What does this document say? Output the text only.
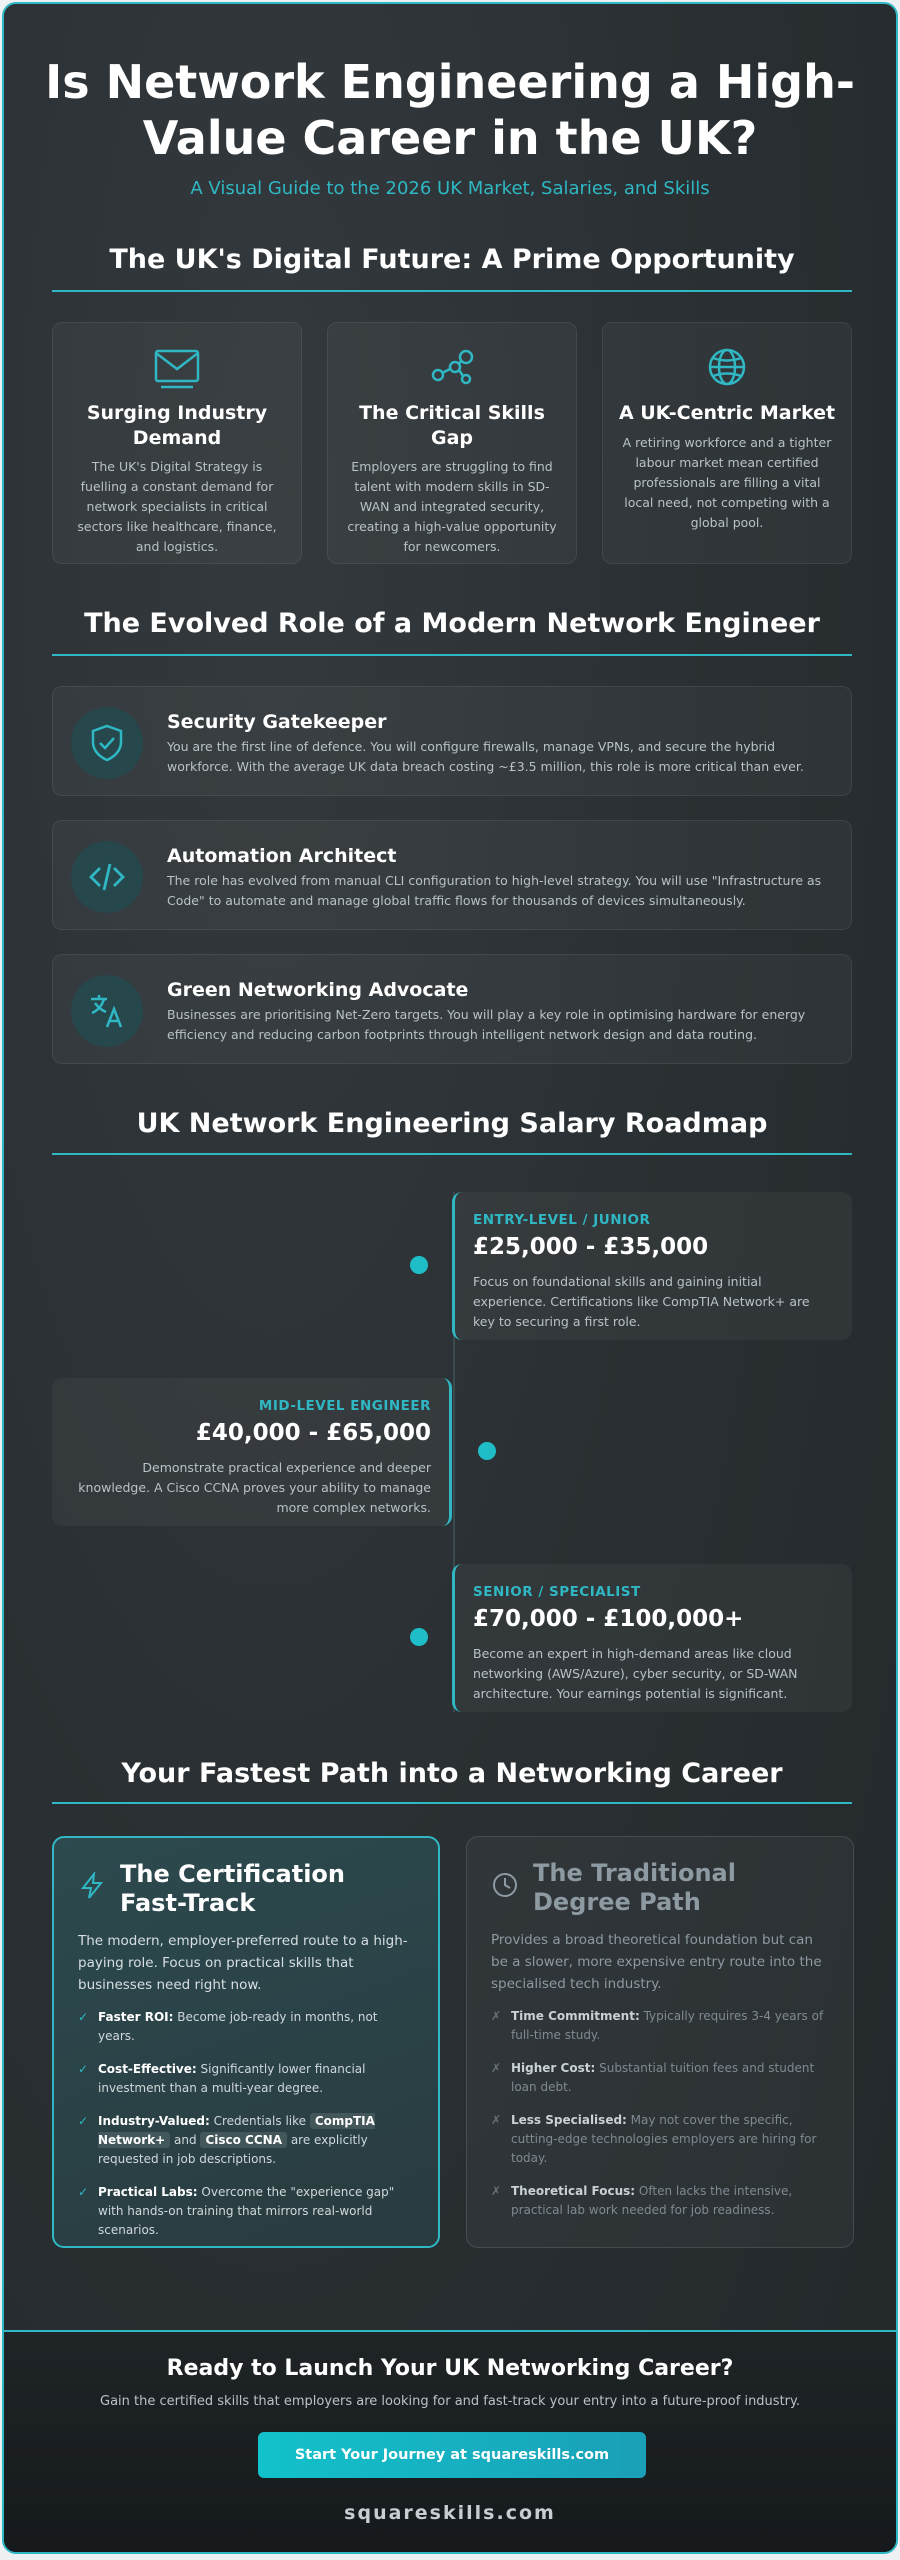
Is Network Engineering a High-Value Career in the UK?
A Visual Guide to the 2026 UK Market, Salaries, and Skills
The UK's Digital Future: A Prime Opportunity
Surging Industry Demand

The UK's Digital Strategy is fuelling a constant demand for network specialists in critical sectors like healthcare, finance, and logistics.

The Critical Skills Gap

Employers are struggling to find talent with modern skills in SD-WAN and integrated security, creating a high-value opportunity for newcomers.

A UK-Centric Market

A retiring workforce and a tighter labour market mean certified professionals are filling a vital local need, not competing with a global pool.

The Evolved Role of a Modern Network Engineer
Security Gatekeeper

You are the first line of defence. You will configure firewalls, manage VPNs, and secure the hybrid workforce. With the average UK data breach costing ~£3.5 million, this role is more critical than ever.

Automation Architect

The role has evolved from manual CLI configuration to high-level strategy. You will use "Infrastructure as Code" to automate and manage global traffic flows for thousands of devices simultaneously.

Green Networking Advocate

Businesses are prioritising Net-Zero targets. You will play a key role in optimising hardware for energy efficiency and reducing carbon footprints through intelligent network design and data routing.

UK Network Engineering Salary Roadmap
ENTRY-LEVEL / JUNIOR
£25,000 - £35,000
Focus on foundational skills and gaining initial experience. Certifications like CompTIA Network+ are key to securing a first role.
MID-LEVEL ENGINEER
£40,000 - £65,000
Demonstrate practical experience and deeper knowledge. A Cisco CCNA proves your ability to manage more complex networks.
SENIOR / SPECIALIST
£70,000 - £100,000+
Become an expert in high-demand areas like cloud networking (AWS/Azure), cyber security, or SD-WAN architecture. Your earnings potential is significant.
Your Fastest Path into a Networking Career
The Certification Fast-Track
The modern, employer-preferred route to a high-paying role. Focus on practical skills that businesses need right now.
✓ Faster ROI: Become job-ready in months, not years.
✓ Cost-Effective: Significantly lower financial investment than a multi-year degree.
✓ Industry-Valued: Credentials like CompTIA Network+ and Cisco CCNA are explicitly requested in job descriptions.
✓ Practical Labs: Overcome the "experience gap" with hands-on training that mirrors real-world scenarios.
The Traditional Degree Path
Provides a broad theoretical foundation but can be a slower, more expensive entry route into the specialised tech industry.
✗ Time Commitment: Typically requires 3-4 years of full-time study.
✗ Higher Cost: Substantial tuition fees and student loan debt.
✗ Less Specialised: May not cover the specific, cutting-edge technologies employers are hiring for today.
✗ Theoretical Focus: Often lacks the intensive, practical lab work needed for job readiness.
Ready to Launch Your UK Networking Career?

Gain the certified skills that employers are looking for and fast-track your entry into a future-proof industry.

Start Your Journey at squareskills.com
squareskills.com
